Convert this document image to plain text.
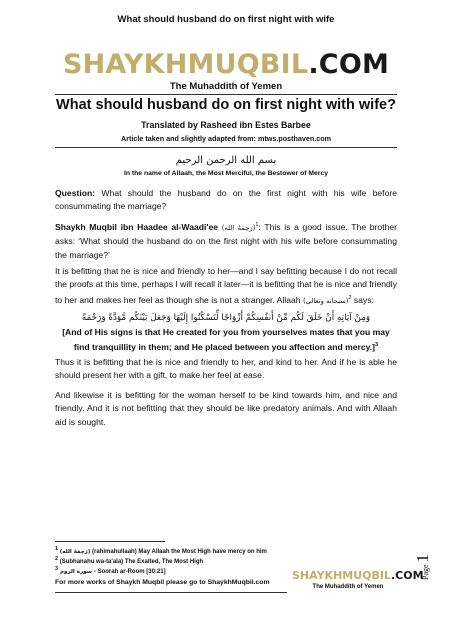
What should husband do on first night with wife
SHAYKHMUQBIL.COM
The Muhaddith of Yemen
What should husband do on first night with wife?
Translated by Rasheed ibn Estes Barbee
Article taken and slightly adapted from: mtws.posthaven.com
بسم الله الرحمن الرحيم
In the name of Allaah, the Most Merciful, the Bestower of Mercy
Question: What should the husband do on the first night with his wife before consummating the marriage?
Shaykh Muqbil ibn Haadee al-Waadi'ee (رَحِمَهُ الله)$^1$: This is a good issue. The brother asks: ‘What should the husband do on the first night with his wife before consummating the marriage?’
It is befitting that he is nice and friendly to her—and I say befitting because I do not recall the proofs at this time, perhaps I will recall it later—it is befitting that he is nice and friendly to her and makes her feel as though she is not a stranger. Allaah (سبحانه وتعالى)$^2$ says:
وَمِنْ آيَاتِهِ أَنْ خَلَقَ لَكُم مِّنْ أَنفُسِكُمْ أَزْوَاجًا لِّتَسْكُنُوا إِلَيْهَا وَجَعَلَ بَيْنَكُم مَّوَدَّةً وَرَحْمَةً
[And of His signs is that He created for you from yourselves mates that you may find tranquillity in them; and He placed between you affection and mercy.]$^3$
Thus it is befitting that he is nice and friendly to her, and kind to her. And if he is able he should present her with a gift, to make her feel at ease.
And likewise it is befitting for the woman herself to be kind towards him, and nice and friendly. And it is not befitting that they should be like predatory animals. And with Allaah aid is sought.
$^1$ (رَحِمَهُ الله) (rahimahullaah) May Allaah the Most High have mercy on him
$^2$ (Subhanahu wa-ta'ala) The Exalted, The Most High
$^3$ سورة الروم - Soorah ar-Room [30:21]
For more works of Shaykh Muqbil please go to ShaykhMuqbil.com
SHAYKHMUQBIL.COM
The Muhaddith of Yemen
Page 1
